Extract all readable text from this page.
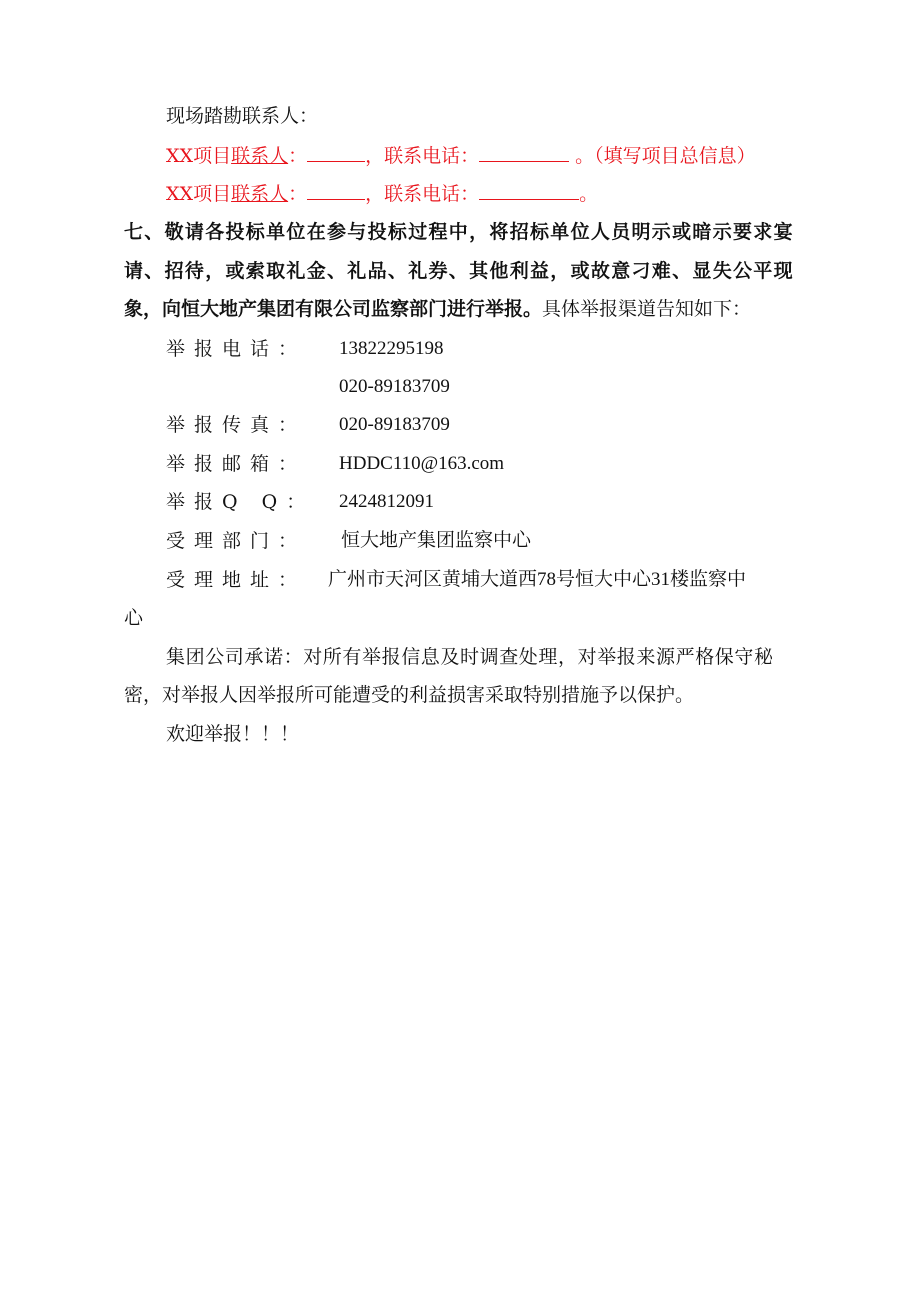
现场踏勘联系人：
XX项目联系人：	，联系电话：	。（填写项目总信息）
XX项目联系人：	，联系电话：	。
七、敬请各投标单位在参与投标过程中，将招标单位人员明示或暗示要求宴
请、招待，或索取礼金、礼品、礼券、其他利益，或故意刁难、显失公平现
象，向恒大地产集团有限公司监察部门进行举报。具体举报渠道告知如下：
举报电话： 13822295198
020-89183709
举报传真： 020-89183709
举报邮箱： HDDC110@163.com
举报Q Q： 2424812091
受理部门： 恒大地产集团监察中心
受理地址： 广州市天河区黄埔大道西78号恒大中心31楼监察中
心
集团公司承诺：对所有举报信息及时调查处理，对举报来源严格保守秘
密，对举报人因举报所可能遭受的利益损害采取特别措施予以保护。
欢迎举报！！！
